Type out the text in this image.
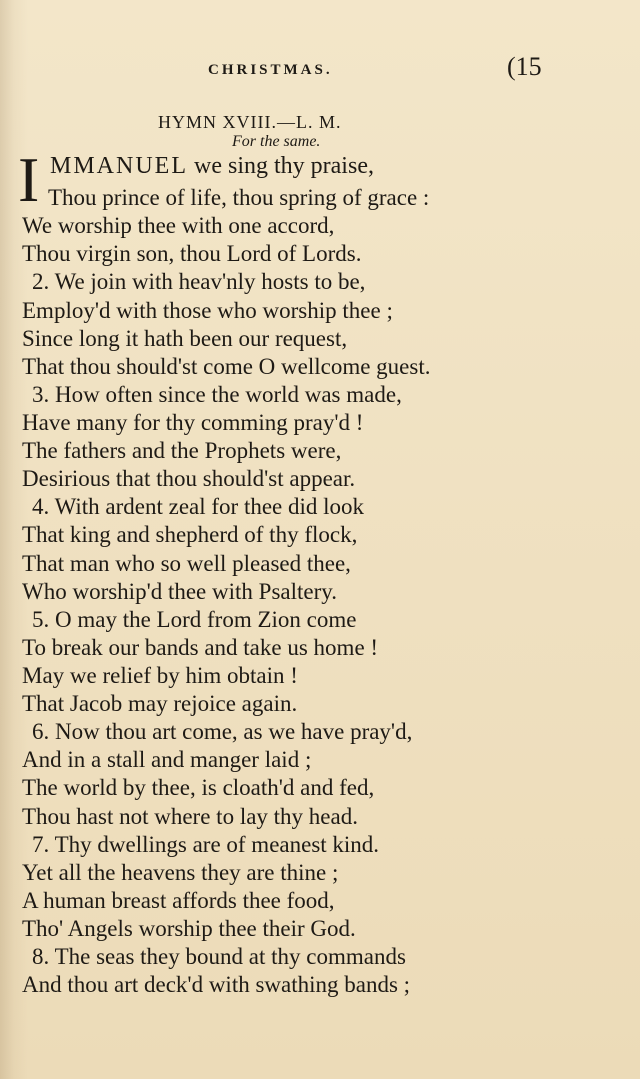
CHRISTMAS.	(15
HYMN XVIII.—L. M.
For the same.
I MMANUEL we sing thy praise,
Thou prince of life, thou spring of grace :
We worship thee with one accord,
Thou virgin son, thou Lord of Lords.
2. We join with heav'nly hosts to be,
Employ'd with those who worship thee ;
Since long it hath been our request,
That thou should'st come O wellcome guest.
3. How often since the world was made,
Have many for thy comming pray'd !
The fathers and the Prophets were,
Desirious that thou should'st appear.
4. With ardent zeal for thee did look
That king and shepherd of thy flock,
That man who so well pleased thee,
Who worship'd thee with Psaltery.
5. O may the Lord from Zion come
To break our bands and take us home !
May we relief by him obtain !
That Jacob may rejoice again.
6. Now thou art come, as we have pray'd,
And in a stall and manger laid ;
The world by thee, is cloath'd and fed,
Thou hast not where to lay thy head.
7. Thy dwellings are of meanest kind.
Yet all the heavens they are thine ;
A human breast affords thee food,
Tho' Angels worship thee their God.
8. The seas they bound at thy commands
And thou art deck'd with swathing bands ;
